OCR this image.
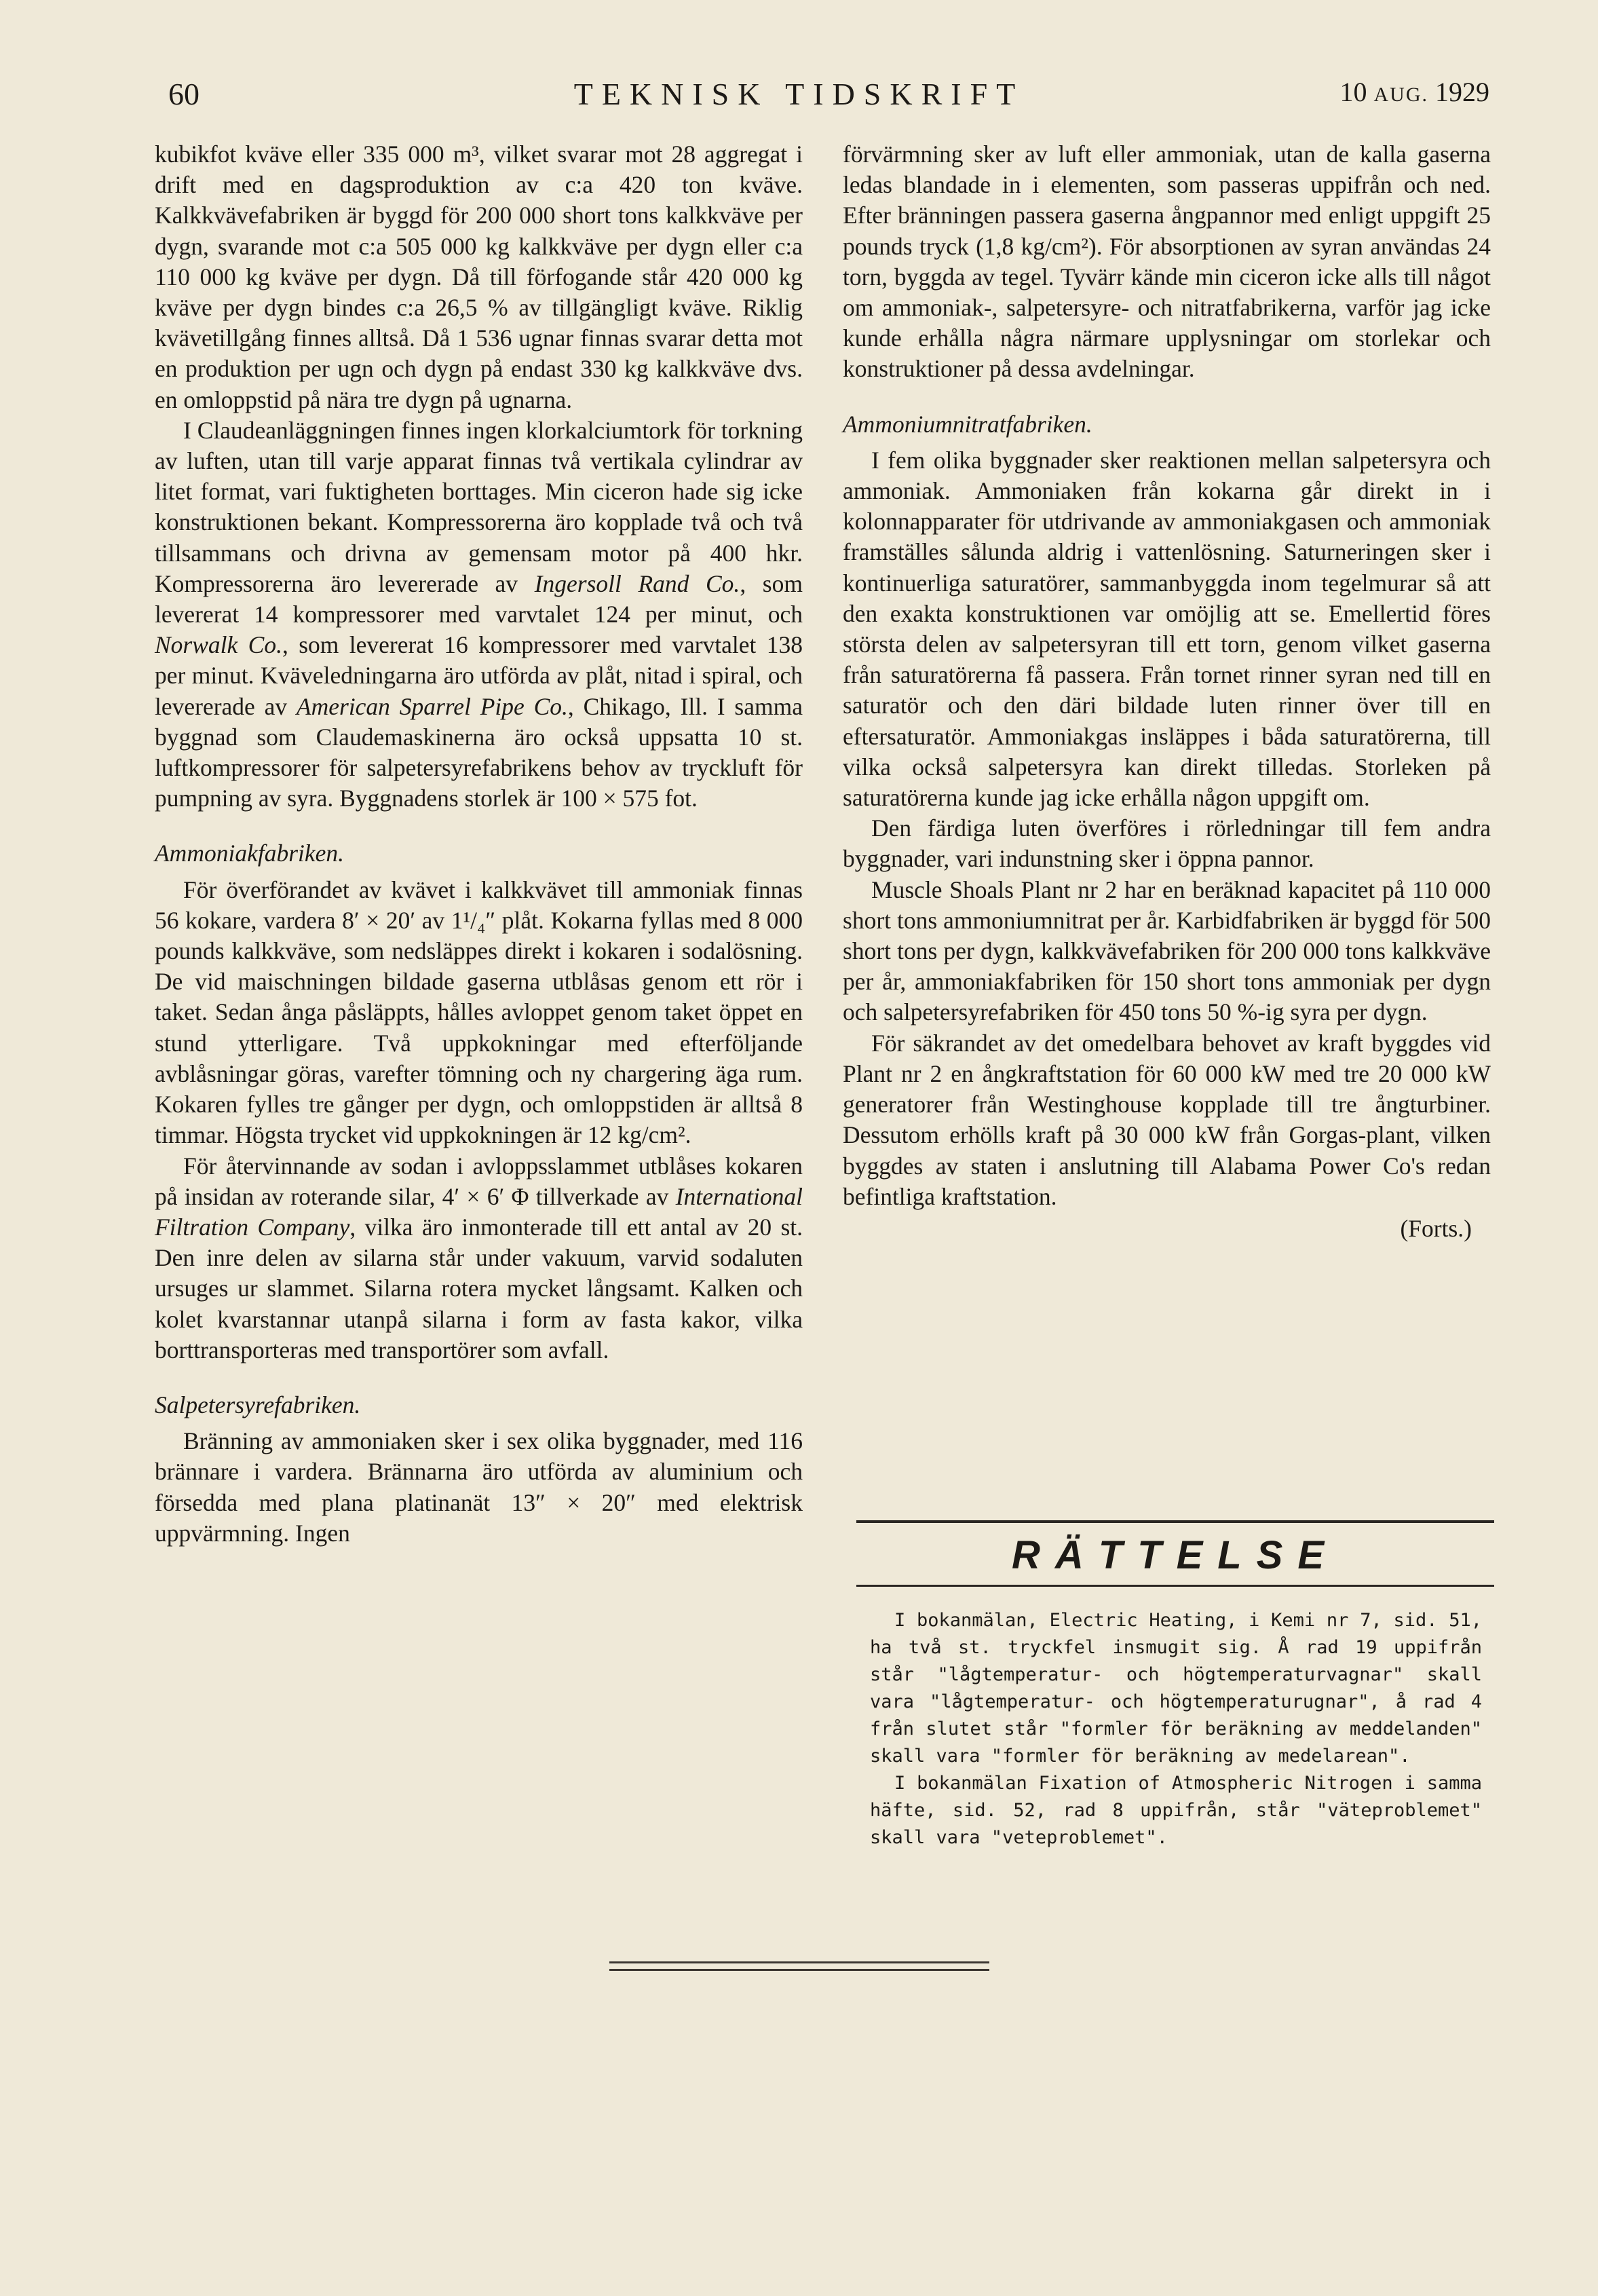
60	TEKNISK TIDSKRIFT	10 AUG. 1929

kubikfot kväve eller 335 000 m³, vilket svarar mot 28 aggregat i drift med en dagsproduktion av c:a 420 ton kväve. Kalkkvävefabriken är byggd för 200 000 short tons kalkkväve per dygn, svarande mot c:a 505 000 kg kalkkväve per dygn eller c:a 110 000 kg kväve per dygn. Då till förfogande står 420 000 kg kväve per dygn bindes c:a 26,5 % av tillgängligt kväve. Riklig kvävetillgång finnes alltså. Då 1 536 ugnar finnas svarar detta mot en produktion per ugn och dygn på endast 330 kg kalkkväve dvs. en omloppstid på nära tre dygn på ugnarna.

I Claudeanläggningen finnes ingen klorkalciumtork för torkning av luften, utan till varje apparat finnas två vertikala cylindrar av litet format, vari fuktigheten borttages. Min ciceron hade sig icke konstruktionen bekant. Kompressorerna äro kopplade två och två tillsammans och drivna av gemensam motor på 400 hkr. Kompressorerna äro levererade av Ingersoll Rand Co., som levererat 14 kompressorer med varvtalet 124 per minut, och Norwalk Co., som levererat 16 kompressorer med varvtalet 138 per minut. Kväveledningarna äro utförda av plåt, nitad i spiral, och levererade av American Sparrel Pipe Co., Chikago, Ill. I samma byggnad som Claudemaskinerna äro också uppsatta 10 st. luftkompressorer för salpetersyrefabrikens behov av tryckluft för pumpning av syra. Byggnadens storlek är 100 × 575 fot.

Ammoniakfabriken.

För överförandet av kvävet i kalkkvävet till ammoniak finnas 56 kokare, vardera 8′ × 20′ av 1¹/₄″ plåt. Kokarna fyllas med 8 000 pounds kalkkväve, som nedsläppes direkt i kokaren i sodalösning. De vid maischningen bildade gaserna utblåsas genom ett rör i taket. Sedan ånga påsläppts, hålles avloppet genom taket öppet en stund ytterligare. Två uppkokningar med efterföljande avblåsningar göras, varefter tömning och ny chargering äga rum. Kokaren fylles tre gånger per dygn, och omloppstiden är alltså 8 timmar. Högsta trycket vid uppkokningen är 12 kg/cm².

För återvinnande av sodan i avloppsslammet utblåses kokaren på insidan av roterande silar, 4′ × 6′ Φ tillverkade av International Filtration Company, vilka äro inmonterade till ett antal av 20 st. Den inre delen av silarna står under vakuum, varvid sodaluten ursuges ur slammet. Silarna rotera mycket långsamt. Kalken och kolet kvarstannar utanpå silarna i form av fasta kakor, vilka borttransporteras med transportörer som avfall.

Salpetersyrefabriken.

Bränning av ammoniaken sker i sex olika byggnader, med 116 brännare i vardera. Brännarna äro utförda av aluminium och försedda med plana platinanät 13″ × 20″ med elektrisk uppvärmning. Ingen

förvärmning sker av luft eller ammoniak, utan de kalla gaserna ledas blandade in i elementen, som passeras uppifrån och ned. Efter bränningen passera gaserna ångpannor med enligt uppgift 25 pounds tryck (1,8 kg/cm²). För absorptionen av syran användas 24 torn, byggda av tegel. Tyvärr kände min ciceron icke alls till något om ammoniak-, salpetersyre- och nitratfabrikerna, varför jag icke kunde erhålla några närmare upplysningar om storlekar och konstruktioner på dessa avdelningar.

Ammoniumnitratfabriken.

I fem olika byggnader sker reaktionen mellan salpetersyra och ammoniak. Ammoniaken från kokarna går direkt in i kolonnapparater för utdrivande av ammoniakgasen och ammoniak framställes sålunda aldrig i vattenlösning. Saturneringen sker i kontinuerliga saturatörer, sammanbyggda inom tegelmurar så att den exakta konstruktionen var omöjlig att se. Emellertid föres största delen av salpetersyran till ett torn, genom vilket gaserna från saturatörerna få passera. Från tornet rinner syran ned till en saturatör och den däri bildade luten rinner över till en eftersaturatör. Ammoniakgas insläppes i båda saturatörerna, till vilka också salpetersyra kan direkt tilledas. Storleken på saturatörerna kunde jag icke erhålla någon uppgift om.

Den färdiga luten överföres i rörledningar till fem andra byggnader, vari indunstning sker i öppna pannor.

Muscle Shoals Plant nr 2 har en beräknad kapacitet på 110 000 short tons ammoniumnitrat per år. Karbidfabriken är byggd för 500 short tons per dygn, kalkkvävefabriken för 200 000 tons kalkkväve per år, ammoniakfabriken för 150 short tons ammoniak per dygn och salpetersyrefabriken för 450 tons 50 %-ig syra per dygn.

För säkrandet av det omedelbara behovet av kraft byggdes vid Plant nr 2 en ångkraftstation för 60 000 kW med tre 20 000 kW generatorer från Westinghouse kopplade till tre ångturbiner. Dessutom erhölls kraft på 30 000 kW från Gorgas-plant, vilken byggdes av staten i anslutning till Alabama Power Co's redan befintliga kraftstation.

(Forts.)

RÄTTELSE

I bokanmälan, Electric Heating, i Kemi nr 7, sid. 51, ha två st. tryckfel insmugit sig. Å rad 19 uppifrån står "lågtemperatur- och högtemperaturvagnar" skall vara "lågtemperatur- och högtemperaturugnar", å rad 4 från slutet står "formler för beräkning av meddelanden" skall vara "formler för beräkning av medelarean".

I bokanmälan Fixation of Atmospheric Nitrogen i samma häfte, sid. 52, rad 8 uppifrån, står "väteproblemet" skall vara "veteproblemet".
